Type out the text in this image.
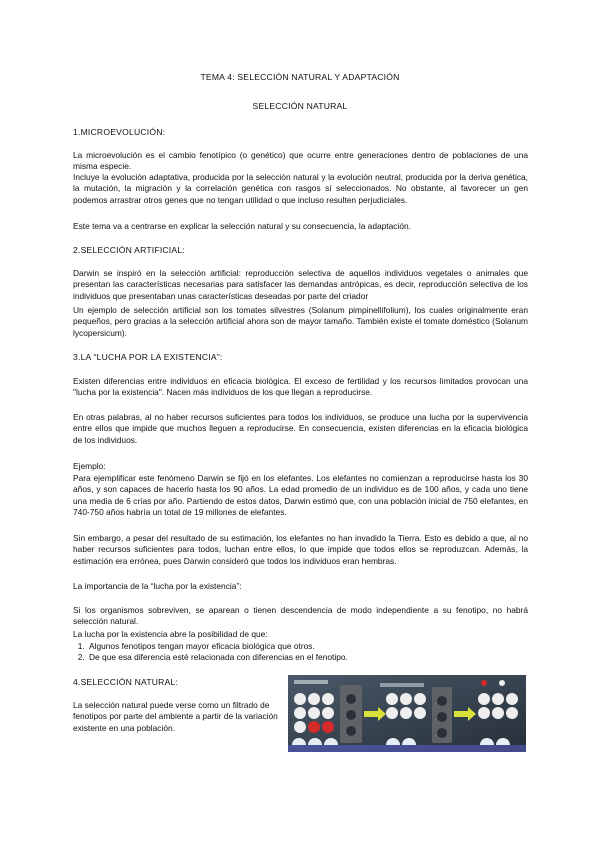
TEMA 4: SELECCIÓN NATURAL Y ADAPTACIÓN

SELECCIÓN NATURAL

1.MICROEVOLUCIÓN:

La microevolución es el cambio fenotípico (o genético) que ocurre entre generaciones dentro de poblaciones de una misma especie.

Incluye la evolución adaptativa, producida por la selección natural y la evolución neutral, producida por la deriva genética, la mutación, la migración y la correlación genética con rasgos sí seleccionados. No obstante, al favorecer un gen podemos arrastrar otros genes que no tengan utilidad o que incluso resulten perjudiciales.

Este tema va a centrarse en explicar la selección natural y su consecuencia, la adaptación.

2.SELECCIÓN ARTIFICIAL:

Darwin se inspiró en la selección artificial: reproducción selectiva de aquellos individuos vegetales o animales que presentan las características necesarias para satisfacer las demandas antrópicas, es decir, reproducción selectiva de los individuos que presentaban unas características deseadas por parte del criador

Un ejemplo de selección artificial son los tomates silvestres (Solanum pimpinellifolium), los cuales originalmente eran pequeños, pero gracias a la selección artificial ahora son de mayor tamaño. También existe el tomate doméstico (Solanum lycopersicum).

3.LA “LUCHA POR LA EXISTENCIA”:

Existen diferencias entre individuos en eficacia biológica. El exceso de fertilidad y los recursos limitados provocan una "lucha por la existencia". Nacen más individuos de los que llegan a reproducirse.

En otras palabras, al no haber recursos suficientes para todos los individuos, se produce una lucha por la supervivencia entre ellos que impide que muchos lleguen a reproducirse. En consecuencia, existen diferencias en la eficacia biológica de los individuos.

Ejemplo:

Para ejemplificar este fenómeno Darwin se fijó en los elefantes. Los elefantes no comienzan a reproducirse hasta los 30 años, y son capaces de hacerlo hasta los 90 años. La edad promedio de un individuo es de 100 años, y cada uno tiene una media de 6 crías por año. Partiendo de estos datos, Darwin estimó que, con una población inicial de 750 elefantes, en 740-750 años habría un total de 19 millones de elefantes.

Sin embargo, a pesar del resultado de su estimación, los elefantes no han invadido la Tierra. Esto es debido a que, al no haber recursos suficientes para todos, luchan entre ellos, lo que impide que todos ellos se reproduzcan. Además, la estimación era errónea, pues Darwin consideró que todos los individuos eran hembras.

La importancia de la “lucha por la existencia”:

Si los organismos sobreviven, se aparean o tienen descendencia de modo independiente a su fenotipo, no habrá selección natural.

La lucha por la existencia abre la posibilidad de que:

1. Algunos fenotipos tengan mayor eficacia biológica que otros.
2. De que esa diferencia esté relacionada con diferencias en el fenotipo.

4.SELECCIÓN NATURAL:

La selección natural puede verse como un filtrado de fenotipos por parte del ambiente a partir de la variación existente en una población.
